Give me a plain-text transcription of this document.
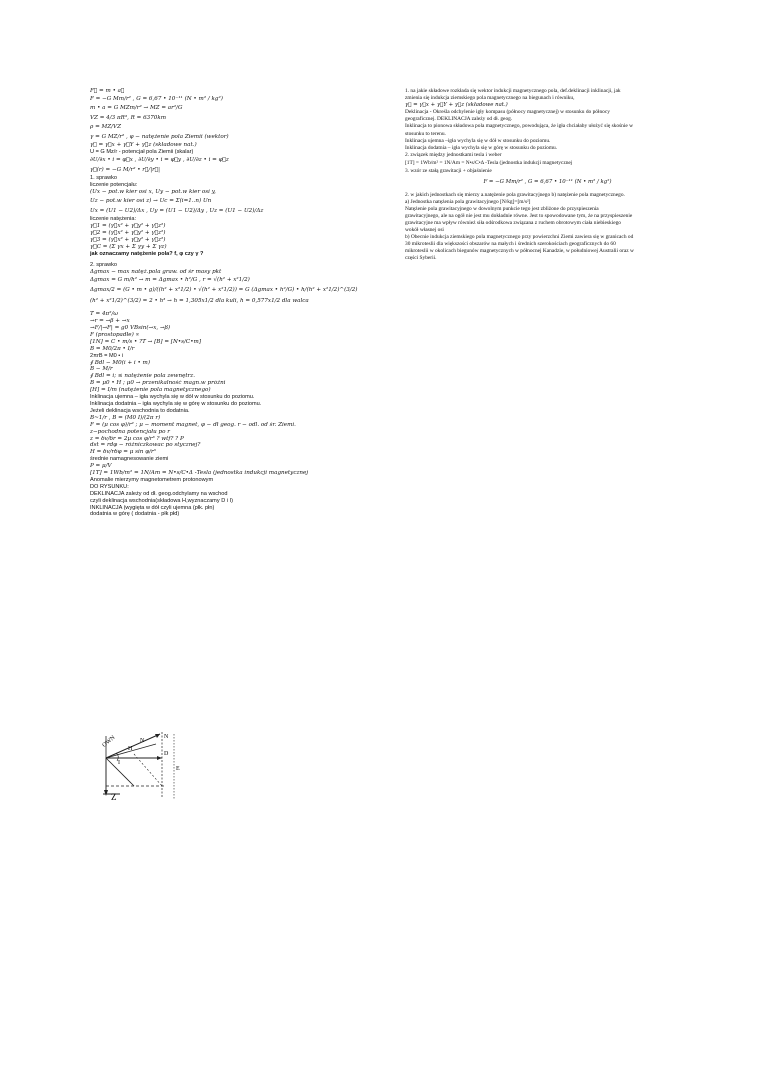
F⃗ = m • a⃗
F = −G Mm/r² , G = 6,67 • 10⁻¹¹ (N • m² / kg²)
m • a = G MZm/r² → MZ = ar²/G
VZ = 4/3 πR³, R = 6370km
ρ = MZ/VZ
γ = G MZ/r² , φ − natężenie pola Ziemii (wektor)
γ⃗ = γ⃗x + γ⃗Y + γ⃗z (składowe nat.)
U = G Mz/r - potencjał pola Ziemii (skalar)
∂U/∂x • i = φ⃗x , ∂U/∂y • i = φ⃗y , ∂U/∂z • i = φ⃗z
γ⃗(r) = −G M/r² • r⃗/|r⃗|
1. sprawko
liczenie potencjału:
(Ux − pot.w kier osi x, Uy − pot.w kier osi y,
Uz − pot.w kier osi z) → Uc = Σ(i=1..n) Un
Ux = (U1 − U2)/Δx , Uy = (U1 − U2)/Δy , Uz = (U1 − U2)/Δz
liczenie natężenia:
γ⃗1 = (γ⃗x² + γ⃗y² + γ⃗z²)
γ⃗2 = (γ⃗x² + γ⃗y² + γ⃗z²)
γ⃗3 = (γ⃗x² + γ⃗y² + γ⃗z²)
γ⃗C = (Σ γx + Σ γy + Σ γz)
jak oznaczamy natężenie pola? f, φ czy γ ?
2. sprawko
Δgmax − max natęż.pola graw. od śr masy pkt
Δgmax = G m/h² → m = Δgmax • h²/G , r = √(h² + x²1/2)
Δgmax/2 = (G • m • g)/((h² + x²1/2) • √(h² + x²1/2)) = G (Δgmax • h²/G) • h/(h² + x²1/2)^(3/2)
(h² + x²1/2)^(3/2) = 2 • h³ → h = 1,305x1/2 dla kuli, h = 0,577x1/2 dla walca
T = 4π²/ω
→r = →β + →x
→F/|→F| = g0 VBsin(→x, →β)
F (prostopadłe) ∝
[1N] = C • m/s • ?T → [B] = [N•s/C•m]
B = M0/2π • I/r
2πrB = M0 • i
∮ Bdl − M0(i + i • m)
B − M/r
∮ Bdl = i; ≤ natężenie pola zewnętrz.
B = μ0 • H ; μ0 → przenikalność magn.w próżni
[H] = I/m (natężenie pola magnetycznego)
Inklinacja ujemna – igła wychyla się w dół w stosunku do poziomu.
Inklinacja dodatnia – igła wychyla się w górę w stosunku do poziomu.
Jeżeli deklinacja wschodnia to dodatnia.
B~1/r , B = (M0 I)/(2π r)
F = (μ cos φ)/r² ; μ − moment magnet, φ − dł geog. r − odl. od śr. Ziemi.
z−pochodna potencjału po r
z = δv/δr = 2μ cos φ/r³ ? wtf? ? P
dst = rdφ − różniczkowac po stycznej?
H = δv/rδφ = μ sin φ/r³
średnie namagnesowanie ziemi
P = μ/V
[1T] = 1Wb/m² = 1N/Am = N•s/C•Δ -Tesla (jednostka indukcji magnetycznej
Anomalie mierzymy magnetometrem protonowym
DO RYSUNKU:
DEKLINACJA zależy od dł. geog.odchylamy na wschod
czyli deklinacja wschodnia(składowa H,wyznaczamy D i I)
INKLINACJA (wygięta w dół czyli ujemna (płk. płn)
dodatnia w górę ( dodatnia - płk płd)
1. na jakie składowe rozkłada się wektor indukcji magnetycznego pola, def.deklinacji inklinacji, jak
zmienia się indukcja ziemskiego pola magnetycznego na biegunach i równiku,
γ⃗ = γ⃗x + γ⃗Y + γ⃗z (składowe nat.)
Deklinacja - Określa odchylenie igły kompasu (północy magnetycznej) w stosunku do północy
geograficznej. DEKLINACJA zależy od dł. geog.
Inklinacja to pionowa składowa pola magnetycznego, powodująca, że igła chciałaby ułożyć się skośnie w
stosunku to terenu.
Inklinacja ujemna –igła wychyla się w dół w stosunku do poziomu.
Inklinacja dodatnia – igła wychyla się w górę w stosunku do poziomu.
2. związek między jednostkami tesla i weber
[1T] = 1Wb/m² = 1N/Am = N•s/C•Δ -Tesla (jednostka indukcji magnetycznej
3. wzór ze stałą grawitacji + objaśnienie
F = −G Mm/r² , G = 6,67 • 10⁻¹¹ (N • m² / kg²)
2. w jakich jednostkach się mierzy a.natężenie pola grawitacyjnego b) natężenie pola magnetycznego.
a) Jednostka natężenia pola grawitacyjnego [N/kg]=[m/s²]
Natężenie pola grawitacyjnego w dowolnym punkcie tego jest zbliżone do przyspieszenia
grawitacyjnego, ale na ogół nie jest mu dokładnie równe. Jest to spowodowane tym, że na przyspieszenie
grawitacyjne ma wpływ również siła odśrodkowa związana z ruchem obrotowym ciała niebieskiego
wokół własnej osi
b) Obecnie indukcja ziemskiego pola magnetycznego przy powierzchni Ziemi zawiera się w granicach od
30 mikroteslii dla większości obszarów na małych i średnich szerokościach geograficznych do 60
mikroteslii w okolicach biegunów magnetycznych w północnej Kanadzie, w południowej Australii oraz w
części Syberii.
OWN
H
I
N
D
Z
E
N
